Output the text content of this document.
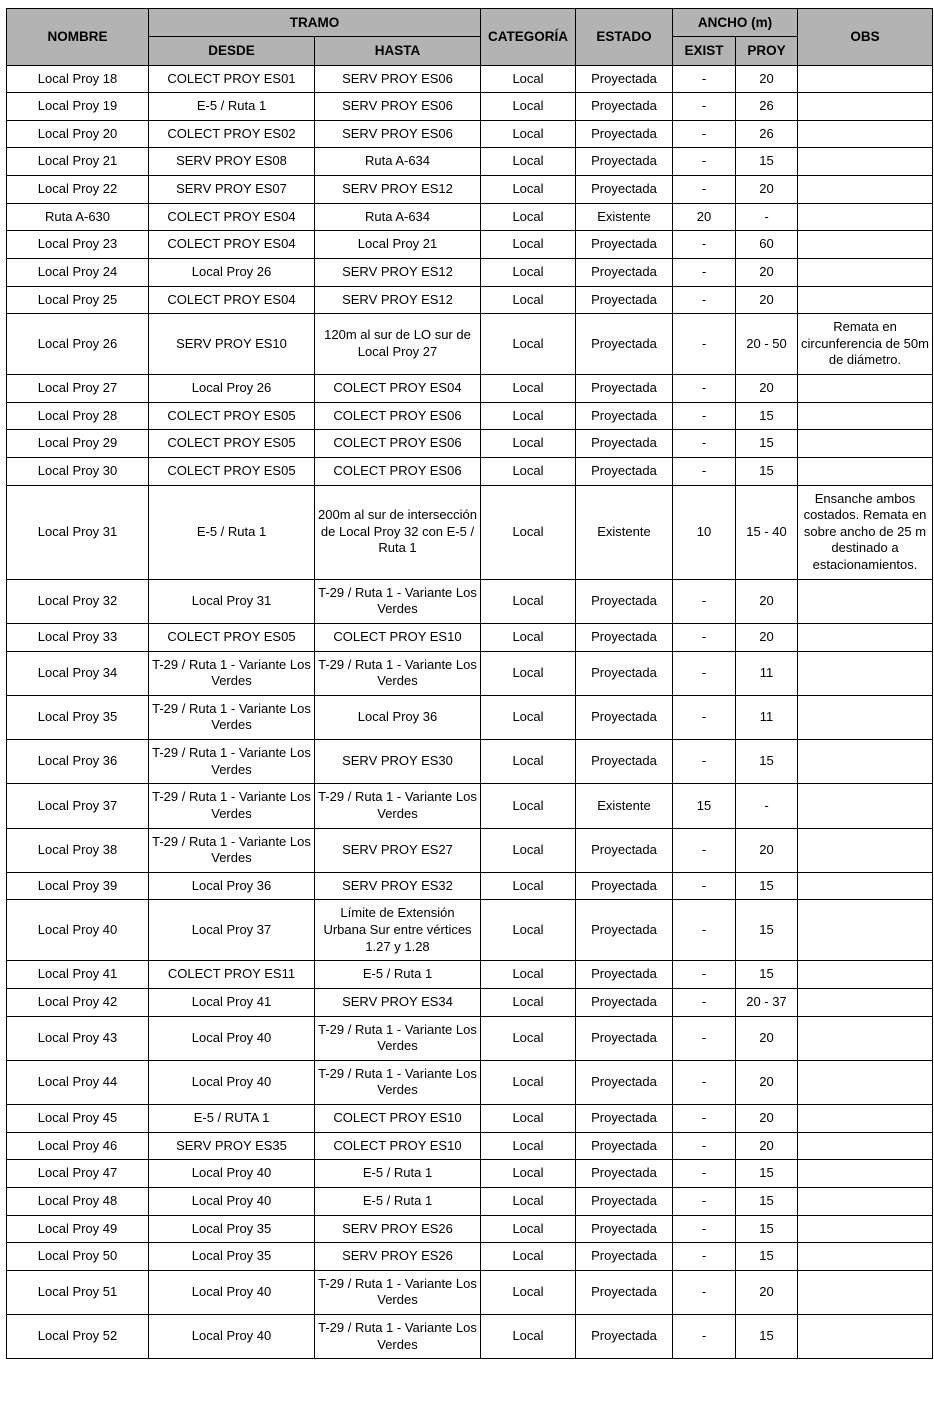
NOMBRE	TRAMO		CATEGORÍA	ESTADO	ANCHO (m)		OBS
	DESDE	HASTA			EXIST	PROY	
Local Proy 18	COLECT PROY ES01	SERV PROY ES06	Local	Proyectada	-	20	
Local Proy 19	E-5 / Ruta 1	SERV PROY ES06	Local	Proyectada	-	26	
Local Proy 20	COLECT PROY ES02	SERV PROY ES06	Local	Proyectada	-	26	
Local Proy 21	SERV PROY ES08	Ruta A-634	Local	Proyectada	-	15	
Local Proy 22	SERV PROY ES07	SERV PROY ES12	Local	Proyectada	-	20	
Ruta A-630	COLECT PROY ES04	Ruta A-634	Local	Existente	20	-	
Local Proy 23	COLECT PROY ES04	Local Proy 21	Local	Proyectada	-	60	
Local Proy 24	Local Proy 26	SERV PROY ES12	Local	Proyectada	-	20	
Local Proy 25	COLECT PROY ES04	SERV PROY ES12	Local	Proyectada	-	20	
Local Proy 26	SERV PROY ES10	120m al sur de LO sur de Local Proy 27	Local	Proyectada	-	20 - 50	Remata en circunferencia de 50m de diámetro.
Local Proy 27	Local Proy 26	COLECT PROY ES04	Local	Proyectada	-	20	
Local Proy 28	COLECT PROY ES05	COLECT PROY ES06	Local	Proyectada	-	15	
Local Proy 29	COLECT PROY ES05	COLECT PROY ES06	Local	Proyectada	-	15	
Local Proy 30	COLECT PROY ES05	COLECT PROY ES06	Local	Proyectada	-	15	
Local Proy 31	E-5 / Ruta 1	200m al sur de intersección de Local Proy 32 con E-5 / Ruta 1	Local	Existente	10	15 - 40	Ensanche ambos costados. Remata en sobre ancho de 25 m destinado a estacionamientos.
Local Proy 32	Local Proy 31	T-29 / Ruta 1 - Variante Los Verdes	Local	Proyectada	-	20	
Local Proy 33	COLECT PROY ES05	COLECT PROY ES10	Local	Proyectada	-	20	
Local Proy 34	T-29 / Ruta 1 - Variante Los Verdes	T-29 / Ruta 1 - Variante Los Verdes	Local	Proyectada	-	11	
Local Proy 35	T-29 / Ruta 1 - Variante Los Verdes	Local Proy 36	Local	Proyectada	-	11	
Local Proy 36	T-29 / Ruta 1 - Variante Los Verdes	SERV PROY ES30	Local	Proyectada	-	15	
Local Proy 37	T-29 / Ruta 1 - Variante Los Verdes	T-29 / Ruta 1 - Variante Los Verdes	Local	Existente	15	-	
Local Proy 38	T-29 / Ruta 1 - Variante Los Verdes	SERV PROY ES27	Local	Proyectada	-	20	
Local Proy 39	Local Proy 36	SERV PROY ES32	Local	Proyectada	-	15	
Local Proy 40	Local Proy 37	Límite de Extensión Urbana Sur entre vértices 1.27 y 1.28	Local	Proyectada	-	15	
Local Proy 41	COLECT PROY ES11	E-5 / Ruta 1	Local	Proyectada	-	15	
Local Proy 42	Local Proy 41	SERV PROY ES34	Local	Proyectada	-	20 - 37	
Local Proy 43	Local Proy 40	T-29 / Ruta 1 - Variante Los Verdes	Local	Proyectada	-	20	
Local Proy 44	Local Proy 40	T-29 / Ruta 1 - Variante Los Verdes	Local	Proyectada	-	20	
Local Proy 45	E-5 / RUTA 1	COLECT PROY ES10	Local	Proyectada	-	20	
Local Proy 46	SERV PROY ES35	COLECT PROY ES10	Local	Proyectada	-	20	
Local Proy 47	Local Proy 40	E-5 / Ruta 1	Local	Proyectada	-	15	
Local Proy 48	Local Proy 40	E-5 / Ruta 1	Local	Proyectada	-	15	
Local Proy 49	Local Proy 35	SERV PROY ES26	Local	Proyectada	-	15	
Local Proy 50	Local Proy 35	SERV PROY ES26	Local	Proyectada	-	15	
Local Proy 51	Local Proy 40	T-29 / Ruta 1 - Variante Los Verdes	Local	Proyectada	-	20	
Local Proy 52	Local Proy 40	T-29 / Ruta 1 - Variante Los Verdes	Local	Proyectada	-	15	
